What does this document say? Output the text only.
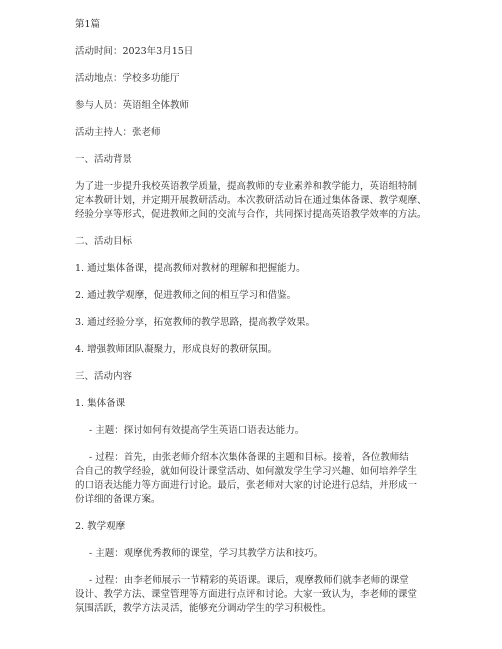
第1篇

活动时间：2023年3月15日

活动地点：学校多功能厅

参与人员：英语组全体教师

活动主持人：张老师

一、活动背景

为了进一步提升我校英语教学质量，提高教师的专业素养和教学能力，英语组特制

定本教研计划，并定期开展教研活动。本次教研活动旨在通过集体备课、教学观摩、

经验分享等形式，促进教师之间的交流与合作，共同探讨提高英语教学效率的方法。

二、活动目标

1. 通过集体备课，提高教师对教材的理解和把握能力。

2. 通过教学观摩，促进教师之间的相互学习和借鉴。

3. 通过经验分享，拓宽教师的教学思路，提高教学效果。

4. 增强教师团队凝聚力，形成良好的教研氛围。

三、活动内容

1. 集体备课

- 主题：探讨如何有效提高学生英语口语表达能力。

- 过程：首先，由张老师介绍本次集体备课的主题和目标。接着，各位教师结

合自己的教学经验，就如何设计课堂活动、如何激发学生学习兴趣、如何培养学生

的口语表达能力等方面进行讨论。最后，张老师对大家的讨论进行总结，并形成一

份详细的备课方案。

2. 教学观摩

- 主题：观摩优秀教师的课堂，学习其教学方法和技巧。

- 过程：由李老师展示一节精彩的英语课。课后，观摩教师们就李老师的课堂

设计、教学方法、课堂管理等方面进行点评和讨论。大家一致认为，李老师的课堂

氛围活跃，教学方法灵活，能够充分调动学生的学习积极性。
